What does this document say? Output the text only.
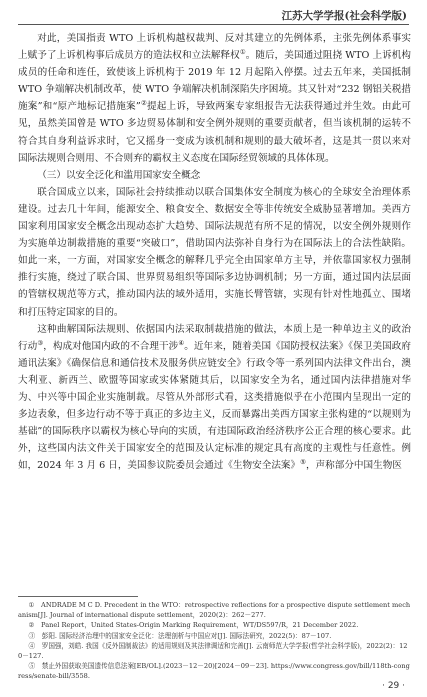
江苏大学学报(社会科学版)

对此，美国指责 WTO 上诉机构越权裁判、反对其建立的先例体系，主张先例体系事实上赋予了上诉机构事后成员方的造法权和立法解释权①。随后，美国通过阻挠 WTO 上诉机构成员的任命和连任，致使该上诉机构于 2019 年 12 月起陷入停摆。过去五年来，美国抵制 WTO 争端解决机制改革，使 WTO 争端解决机制深陷失序困境。其又针对“232 钢铝关税措施案”和“原产地标记措施案”②提起上诉，导致两案专家组报告无法获得通过并生效。由此可见，虽然美国曾是 WTO 多边贸易体制和安全例外规则的重要贡献者，但当该机制的运转不符合其自身利益诉求时，它又摇身一变成为该机制和规则的最大破坏者，这是其一贯以来对国际法规则合则用、不合则弃的霸权主义态度在国际经贸领域的具体体现。

（三）以安全泛化和滥用国家安全概念

联合国成立以来，国际社会持续推动以联合国集体安全制度为核心的全球安全治理体系建设。过去几十年间，能源安全、粮食安全、数据安全等非传统安全威胁显著增加。美西方国家利用国家安全概念出现动态扩大趋势、国际法规范有所不足的情况，以安全例外规则作为实施单边制裁措施的重要“突破口”，借助国内法弥补自身行为在国际法上的合法性缺陷。如此一来，一方面，对国家安全概念的解释几乎完全由国家单方主导，并依靠国家权力强制推行实施，绕过了联合国、世界贸易组织等国际多边协调机制；另一方面，通过国内法层面的管辖权规范等方式，推动国内法的域外适用，实施长臂管辖，实现有针对性地孤立、围堵和打压特定国家的目的。

这种曲解国际法规则、依据国内法采取制裁措施的做法，本质上是一种单边主义的政治行动③，构成对他国内政的不合理干涉④。近年来，随着美国《国防授权法案》《保卫美国政府通讯法案》《确保信息和通信技术及服务供应链安全》行政令等一系列国内法律文件出台，澳大利亚、新西兰、欧盟等国家或实体紧随其后，以国家安全为名，通过国内法律措施对华为、中兴等中国企业实施制裁。尽管从外部形式看，这类措施似乎在小范围内呈现出一定的多边表象，但多边行动不等于真正的多边主义，反而暴露出美西方国家主张构建的“以规则为基础”的国际秩序以霸权为核心导向的实质，有违国际政治经济秩序公正合理的核心要求。此外，这些国内法文件关于国家安全的范围及认定标准的规定具有高度的主观性与任意性。例如，2024 年 3 月 6 日，美国参议院委员会通过《生物安全法案》⑤，声称部分中国生物医

①　ANDRADE M C D. Precedent in the WTO：retrospective reflections for a prospective dispute settlement mechanism[J]. Journal of international dispute settlement，2020(2)：262－277.

②　Panel Report，United States-Origin Marking Requirement，WT/DS597/R，21 December 2022.

③　彭阳. 国际经济治理中的国家安全泛化：法理剖析与中国应对[J]. 国际法研究，2022(5)：87－107.

④　罗国强，刘皓. 我国《反外国制裁法》的适用规则及其法律调适和完善[J]. 云南师范大学学报(哲学社会科学版)，2022(2)：120－127.

⑤　禁止外国获取美国遗传信息法案[EB/OL].(2023－12－20)[2024－09－23]. https://www.congress.gov/bill/118th-congress/senate-bill/3558.

· 29 ·
